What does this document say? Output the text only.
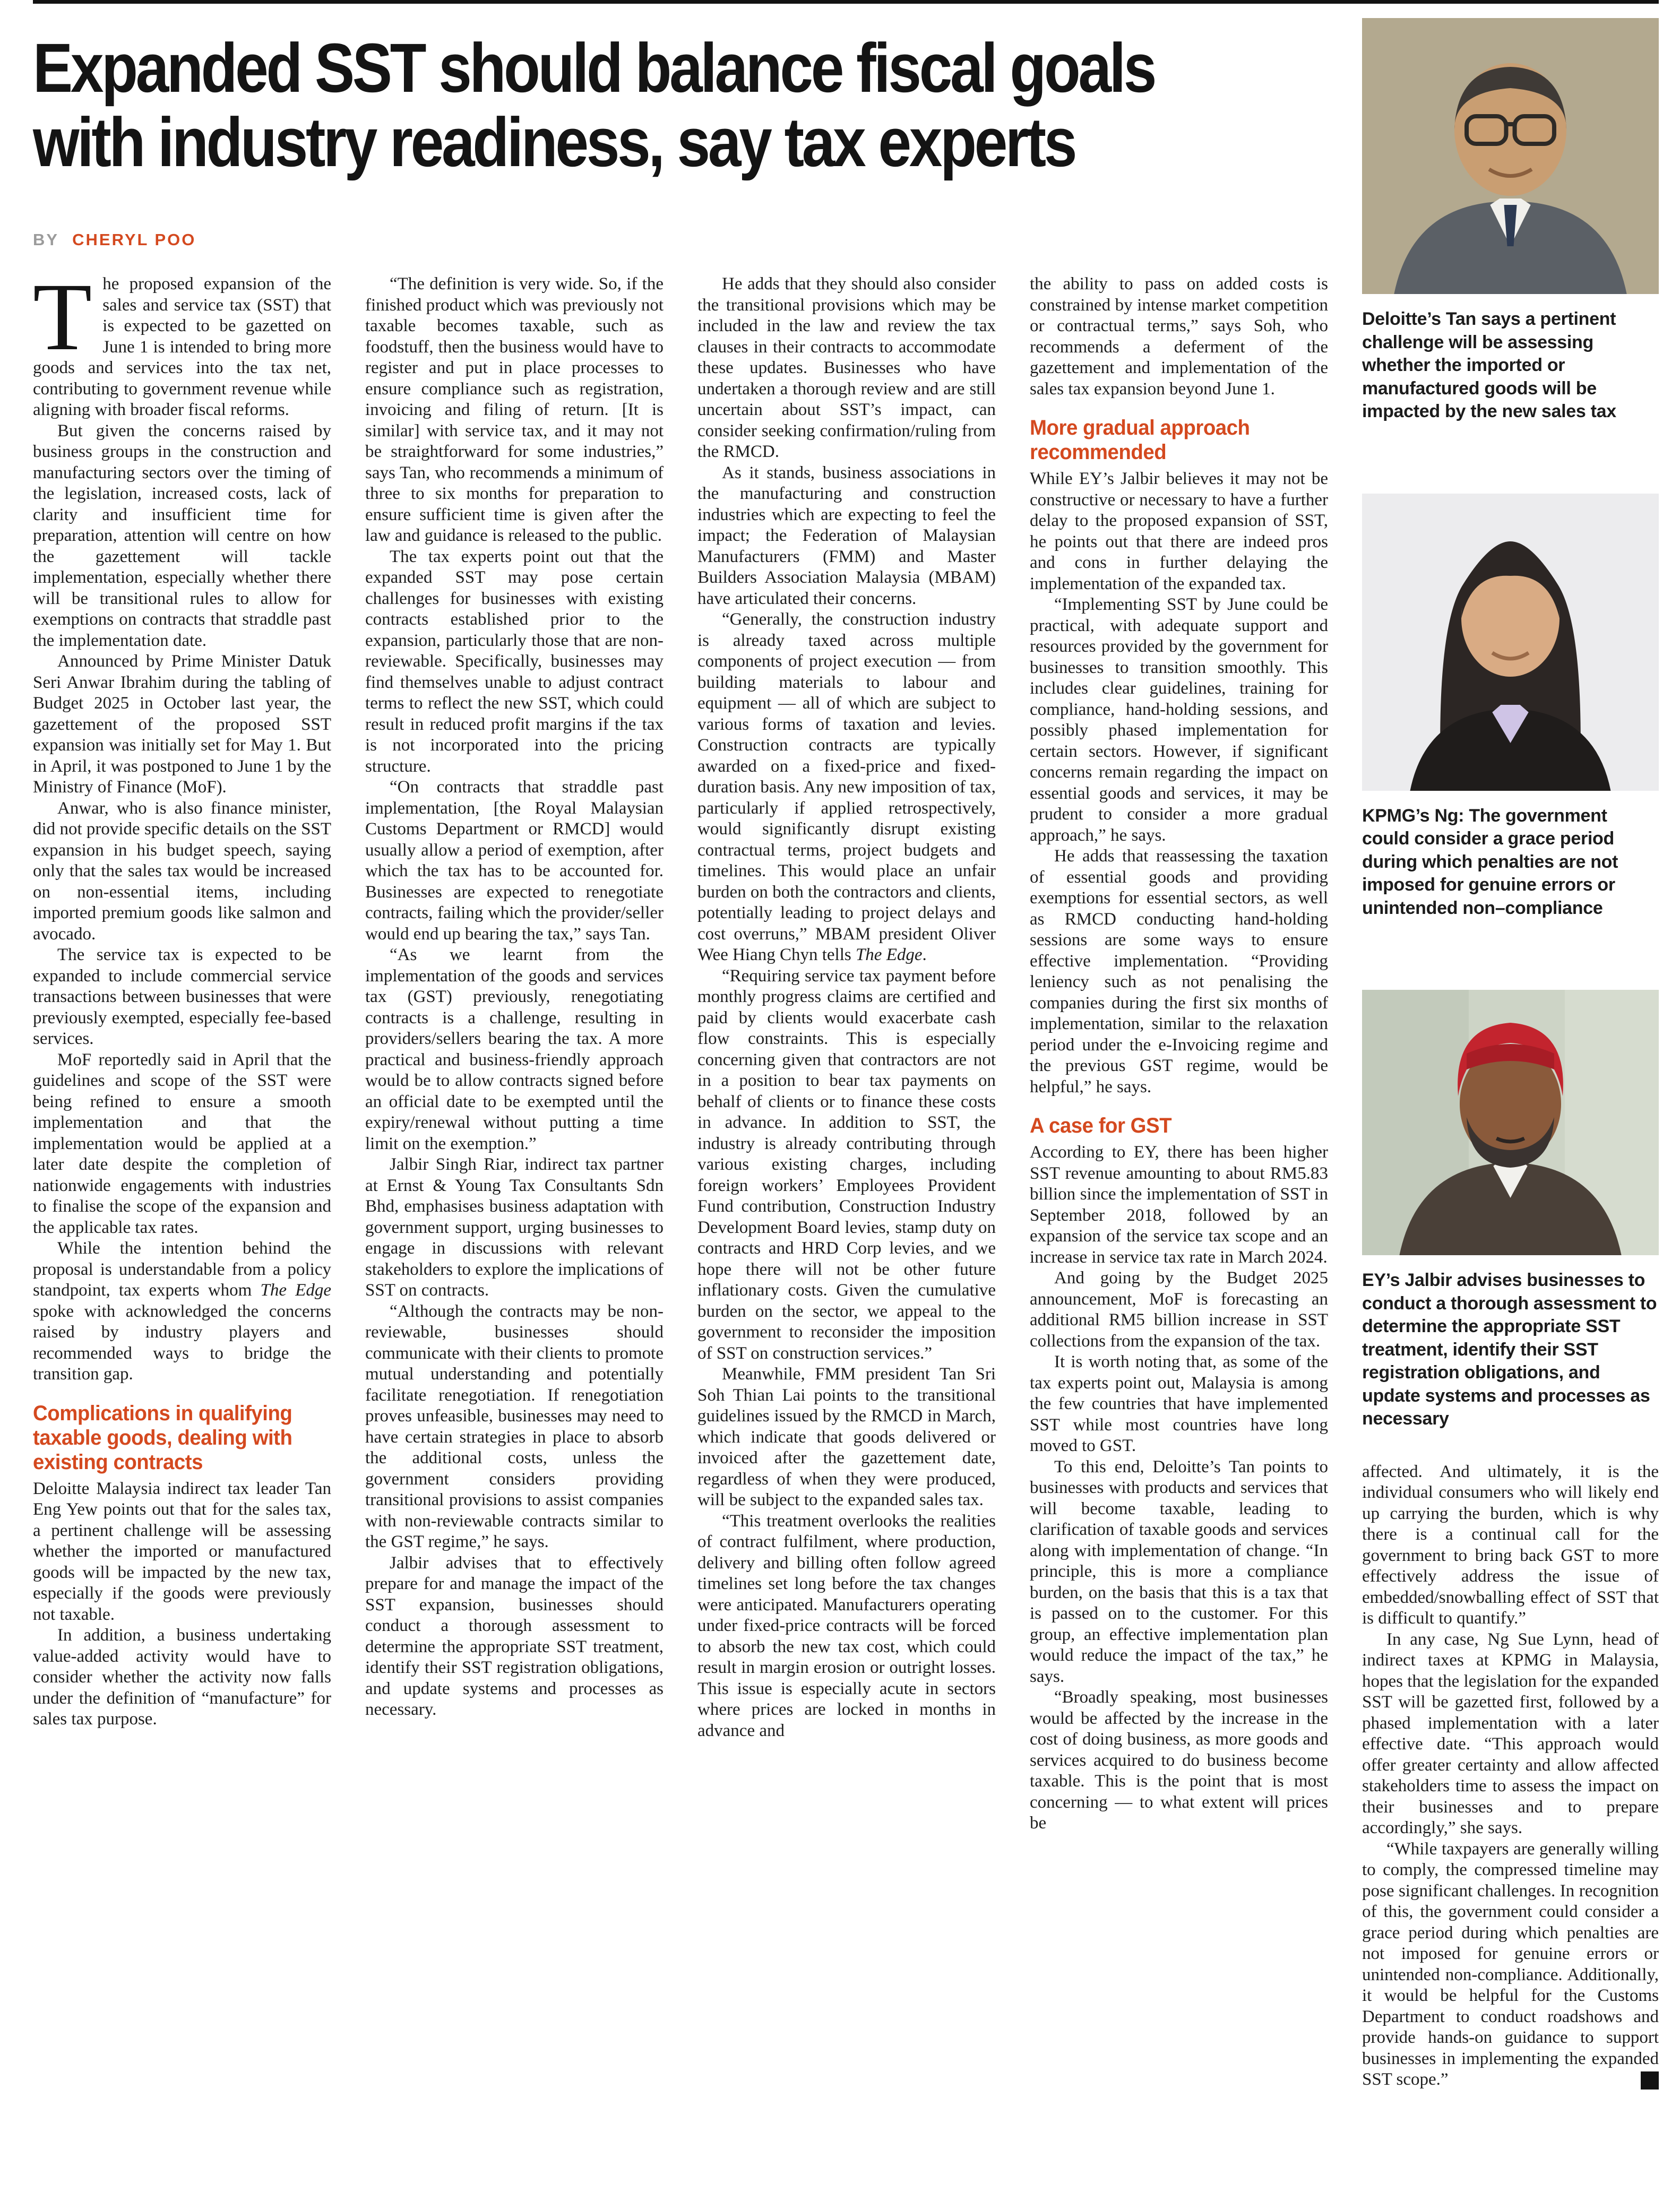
Expanded SST should balance fiscal goals
with industry readiness, say tax experts
BY CHERYL POO

The proposed expansion of the sales and service tax (SST) that is expected to be gazetted on June 1 is intended to bring more goods and services into the tax net, contributing to government revenue while aligning with broader fiscal reforms.

But given the concerns raised by business groups in the construction and manufacturing sectors over the timing of the legislation, increased costs, lack of clarity and insufficient time for preparation, attention will centre on how the gazettement will tackle implementation, especially whether there will be transitional rules to allow for exemptions on contracts that straddle past the implementation date.

Announced by Prime Minister Datuk Seri Anwar Ibrahim during the tabling of Budget 2025 in October last year, the gazettement of the proposed SST expansion was initially set for May 1. But in April, it was postponed to June 1 by the Ministry of Finance (MoF).

Anwar, who is also finance minister, did not provide specific details on the SST expansion in his budget speech, saying only that the sales tax would be increased on non-essential items, including imported premium goods like salmon and avocado.

The service tax is expected to be expanded to include commercial service transactions between businesses that were previously exempted, especially fee-based services.

MoF reportedly said in April that the guidelines and scope of the SST were being refined to ensure a smooth implementation and that the implementation would be applied at a later date despite the completion of nationwide engagements with industries to finalise the scope of the expansion and the applicable tax rates.

While the intention behind the proposal is understandable from a policy standpoint, tax experts whom The Edge spoke with acknowledged the concerns raised by industry players and recommended ways to bridge the transition gap.

Complications in qualifying taxable goods, dealing with existing contracts

Deloitte Malaysia indirect tax leader Tan Eng Yew points out that for the sales tax, a pertinent challenge will be assessing whether the imported or manufactured goods will be impacted by the new tax, especially if the goods were previously not taxable.

In addition, a business undertaking value-added activity would have to consider whether the activity now falls under the definition of “manufacture” for sales tax purpose.

“The definition is very wide. So, if the finished product which was previously not taxable becomes taxable, such as foodstuff, then the business would have to register and put in place processes to ensure compliance such as registration, invoicing and filing of return. [It is similar] with service tax, and it may not be straightforward for some industries,” says Tan, who recommends a minimum of three to six months for preparation to ensure sufficient time is given after the law and guidance is released to the public.

The tax experts point out that the expanded SST may pose certain challenges for businesses with existing contracts established prior to the expansion, particularly those that are non-reviewable. Specifically, businesses may find themselves unable to adjust contract terms to reflect the new SST, which could result in reduced profit margins if the tax is not incorporated into the pricing structure.

“On contracts that straddle past implementation, [the Royal Malaysian Customs Department or RMCD] would usually allow a period of exemption, after which the tax has to be accounted for. Businesses are expected to renegotiate contracts, failing which the provider/seller would end up bearing the tax,” says Tan.

“As we learnt from the implementation of the goods and services tax (GST) previously, renegotiating contracts is a challenge, resulting in providers/sellers bearing the tax. A more practical and business-friendly approach would be to allow contracts signed before an official date to be exempted until the expiry/renewal without putting a time limit on the exemption.”

Jalbir Singh Riar, indirect tax partner at Ernst & Young Tax Consultants Sdn Bhd, emphasises business adaptation with government support, urging businesses to engage in discussions with relevant stakeholders to explore the implications of SST on contracts.

“Although the contracts may be non-reviewable, businesses should communicate with their clients to promote mutual understanding and potentially facilitate renegotiation. If renegotiation proves unfeasible, businesses may need to have certain strategies in place to absorb the additional costs, unless the government considers providing transitional provisions to assist companies with non-reviewable contracts similar to the GST regime,” he says.

Jalbir advises that to effectively prepare for and manage the impact of the SST expansion, businesses should conduct a thorough assessment to determine the appropriate SST treatment, identify their SST registration obligations, and update systems and processes as necessary.

He adds that they should also consider the transitional provisions which may be included in the law and review the tax clauses in their contracts to accommodate these updates. Businesses who have undertaken a thorough review and are still uncertain about SST’s impact, can consider seeking confirmation/ruling from the RMCD.

As it stands, business associations in the manufacturing and construction industries which are expecting to feel the impact; the Federation of Malaysian Manufacturers (FMM) and Master Builders Association Malaysia (MBAM) have articulated their concerns.

“Generally, the construction industry is already taxed across multiple components of project execution — from building materials to labour and equipment — all of which are subject to various forms of taxation and levies. Construction contracts are typically awarded on a fixed-price and fixed-duration basis. Any new imposition of tax, particularly if applied retrospectively, would significantly disrupt existing contractual terms, project budgets and timelines. This would place an unfair burden on both the contractors and clients, potentially leading to project delays and cost overruns,” MBAM president Oliver Wee Hiang Chyn tells The Edge.

“Requiring service tax payment before monthly progress claims are certified and paid by clients would exacerbate cash flow constraints. This is especially concerning given that contractors are not in a position to bear tax payments on behalf of clients or to finance these costs in advance. In addition to SST, the industry is already contributing through various existing charges, including foreign workers’ Employees Provident Fund contribution, Construction Industry Development Board levies, stamp duty on contracts and HRD Corp levies, and we hope there will not be other future inflationary costs. Given the cumulative burden on the sector, we appeal to the government to reconsider the imposition of SST on construction services.”

Meanwhile, FMM president Tan Sri Soh Thian Lai points to the transitional guidelines issued by the RMCD in March, which indicate that goods delivered or invoiced after the gazettement date, regardless of when they were produced, will be subject to the expanded sales tax.

“This treatment overlooks the realities of contract fulfilment, where production, delivery and billing often follow agreed timelines set long before the tax changes were anticipated. Manufacturers operating under fixed-price contracts will be forced to absorb the new tax cost, which could result in margin erosion or outright losses. This issue is especially acute in sectors where prices are locked in months in advance and

the ability to pass on added costs is constrained by intense market competition or contractual terms,” says Soh, who recommends a deferment of the gazettement and implementation of the sales tax expansion beyond June 1.

More gradual approach recommended

While EY’s Jalbir believes it may not be constructive or necessary to have a further delay to the proposed expansion of SST, he points out that there are indeed pros and cons in further delaying the implementation of the expanded tax.

“Implementing SST by June could be practical, with adequate support and resources provided by the government for businesses to transition smoothly. This includes clear guidelines, training for compliance, hand-holding sessions, and possibly phased implementation for certain sectors. However, if significant concerns remain regarding the impact on essential goods and services, it may be prudent to consider a more gradual approach,” he says.

He adds that reassessing the taxation of essential goods and providing exemptions for essential sectors, as well as RMCD conducting hand-holding sessions are some ways to ensure effective implementation. “Providing leniency such as not penalising the companies during the first six months of implementation, similar to the relaxation period under the e-Invoicing regime and the previous GST regime, would be helpful,” he says.

A case for GST

According to EY, there has been higher SST revenue amounting to about RM5.83 billion since the implementation of SST in September 2018, followed by an expansion of the service tax scope and an increase in service tax rate in March 2024.

And going by the Budget 2025 announcement, MoF is forecasting an additional RM5 billion increase in SST collections from the expansion of the tax.

It is worth noting that, as some of the tax experts point out, Malaysia is among the few countries that have implemented SST while most countries have long moved to GST.

To this end, Deloitte’s Tan points to businesses with products and services that will become taxable, leading to clarification of taxable goods and services along with implementation of change. “In principle, this is more a compliance burden, on the basis that this is a tax that is passed on to the customer. For this group, an effective implementation plan would reduce the impact of the tax,” he says.

“Broadly speaking, most businesses would be affected by the increase in the cost of doing business, as more goods and services acquired to do business become taxable. This is the point that is most concerning — to what extent will prices be

Deloitte’s Tan says a pertinent challenge will be assessing whether the imported or manufactured goods will be impacted by the new sales tax
KPMG’s Ng: The government could consider a grace period during which penalties are not imposed for genuine errors or unintended non–compliance
EY’s Jalbir advises businesses to conduct a thorough assessment to determine the appropriate SST treatment, identify their SST registration obligations, and update systems and processes as necessary

affected. And ultimately, it is the individual consumers who will likely end up carrying the burden, which is why there is a continual call for the government to bring back GST to more effectively address the issue of embedded/snowballing effect of SST that is difficult to quantify.”

In any case, Ng Sue Lynn, head of indirect taxes at KPMG in Malaysia, hopes that the legislation for the expanded SST will be gazetted first, followed by a phased implementation with a later effective date. “This approach would offer greater certainty and allow affected stakeholders time to assess the impact on their businesses and to prepare accordingly,” she says.

“While taxpayers are generally willing to comply, the compressed timeline may pose significant challenges. In recognition of this, the government could consider a grace period during which penalties are not imposed for genuine errors or unintended non-compliance. Additionally, it would be helpful for the Customs Department to conduct roadshows and provide hands-on guidance to support businesses in implementing the expanded SST scope.”	E
